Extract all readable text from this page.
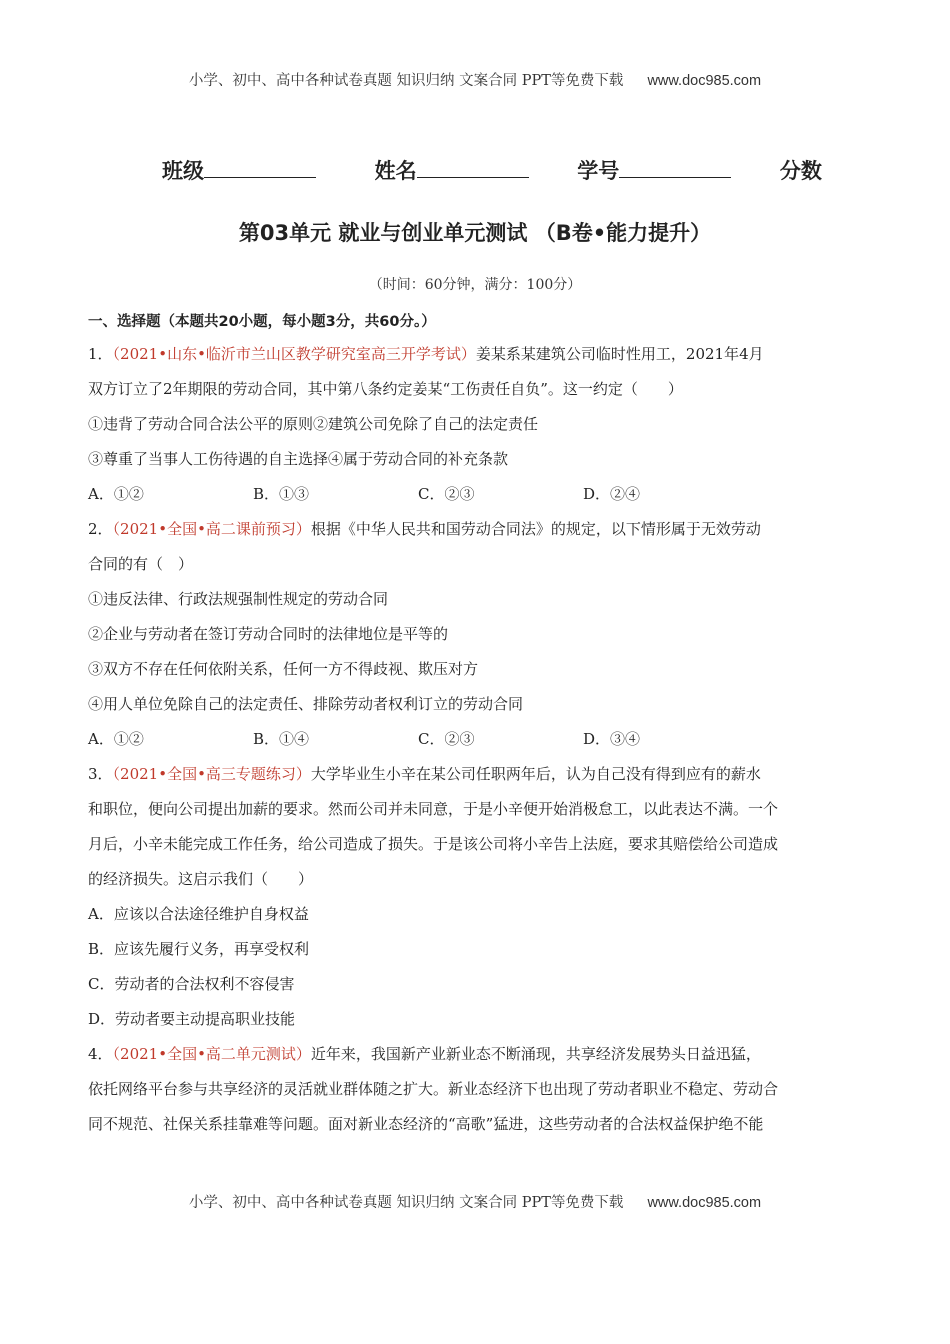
小学、初中、高中各种试卷真题 知识归纳 文案合同 PPT等免费下载 www.doc985.com
班级	姓名	学号	分数
第03单元 就业与创业单元测试 （B卷•能力提升）
（时间：60分钟，满分：100分）
一、选择题（本题共20小题，每小题3分，共60分。）
1．（2021•山东•临沂市兰山区教学研究室高三开学考试）姜某系某建筑公司临时性用工，2021年4月
双方订立了2年期限的劳动合同，其中第八条约定姜某“工伤责任自负”。这一约定（　　）
①违背了劳动合同合法公平的原则②建筑公司免除了自己的法定责任
③尊重了当事人工伤待遇的自主选择④属于劳动合同的补充条款
A．①②	B．①③	C．②③	D．②④
2．（2021•全国•高二课前预习）根据《中华人民共和国劳动合同法》的规定，以下情形属于无效劳动
合同的有（　）
①违反法律、行政法规强制性规定的劳动合同
②企业与劳动者在签订劳动合同时的法律地位是平等的
③双方不存在任何依附关系，任何一方不得歧视、欺压对方
④用人单位免除自己的法定责任、排除劳动者权利订立的劳动合同
A．①②	B．①④	C．②③	D．③④
3．（2021•全国•高三专题练习）大学毕业生小辛在某公司任职两年后，认为自己没有得到应有的薪水
和职位，便向公司提出加薪的要求。然而公司并未同意，于是小辛便开始消极怠工，以此表达不满。一个
月后，小辛未能完成工作任务，给公司造成了损失。于是该公司将小辛告上法庭，要求其赔偿给公司造成
的经济损失。这启示我们（　　）
A．应该以合法途径维护自身权益
B．应该先履行义务，再享受权利
C．劳动者的合法权利不容侵害
D．劳动者要主动提高职业技能
4．（2021•全国•高二单元测试）近年来，我国新产业新业态不断涌现，共享经济发展势头日益迅猛，
依托网络平台参与共享经济的灵活就业群体随之扩大。新业态经济下也出现了劳动者职业不稳定、劳动合
同不规范、社保关系挂靠难等问题。面对新业态经济的“高歌”猛进，这些劳动者的合法权益保护绝不能
小学、初中、高中各种试卷真题 知识归纳 文案合同 PPT等免费下载 www.doc985.com
